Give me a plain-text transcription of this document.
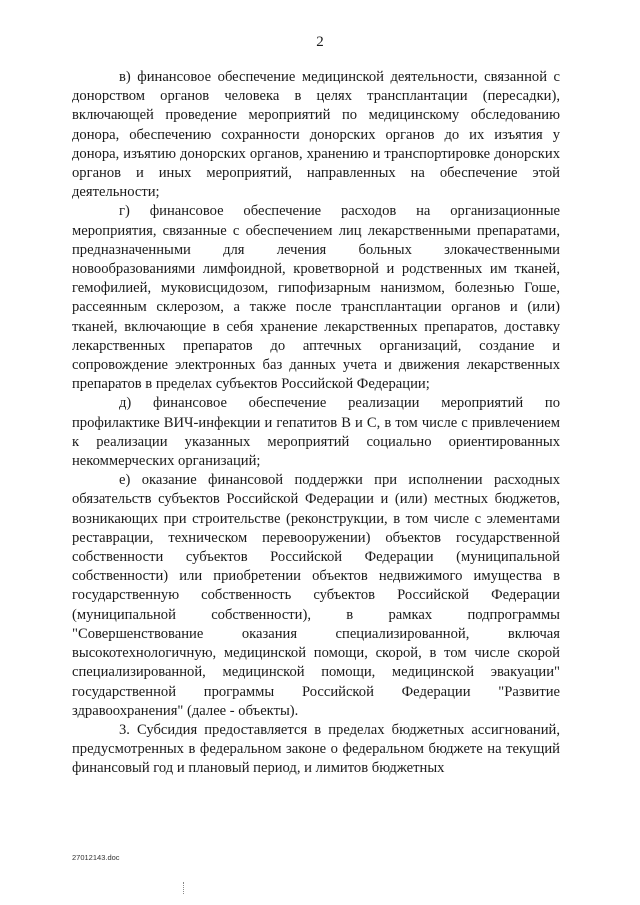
2

в) финансовое обеспечение медицинской деятельности, связанной с донорством органов человека в целях трансплантации (пересадки), включающей проведение мероприятий по медицинскому обследованию донора, обеспечению сохранности донорских органов до их изъятия у донора, изъятию донорских органов, хранению и транспортировке донорских органов и иных мероприятий, направленных на обеспечение этой деятельности;

г) финансовое обеспечение расходов на организационные мероприятия, связанные с обеспечением лиц лекарственными препаратами, предназначенными для лечения больных злокачественными новообразованиями лимфоидной, кроветворной и родственных им тканей, гемофилией, муковисцидозом, гипофизарным нанизмом, болезнью Гоше, рассеянным склерозом, а также после трансплантации органов и (или) тканей, включающие в себя хранение лекарственных препаратов, доставку лекарственных препаратов до аптечных организаций, создание и сопровождение электронных баз данных учета и движения лекарственных препаратов в пределах субъектов Российской Федерации;

д) финансовое обеспечение реализации мероприятий по профилактике ВИЧ-инфекции и гепатитов B и C, в том числе с привлечением к реализации указанных мероприятий социально ориентированных некоммерческих организаций;

е) оказание финансовой поддержки при исполнении расходных обязательств субъектов Российской Федерации и (или) местных бюджетов, возникающих при строительстве (реконструкции, в том числе с элементами реставрации, техническом перевооружении) объектов государственной собственности субъектов Российской Федерации (муниципальной собственности) или приобретении объектов недвижимого имущества в государственную собственность субъектов Российской Федерации (муниципальной собственности), в рамках подпрограммы "Совершенствование оказания специализированной, включая высокотехнологичную, медицинской помощи, скорой, в том числе скорой специализированной, медицинской помощи, медицинской эвакуации" государственной программы Российской Федерации "Развитие здравоохранения" (далее - объекты).

3. Субсидия предоставляется в пределах бюджетных ассигнований, предусмотренных в федеральном законе о федеральном бюджете на текущий финансовый год и плановый период, и лимитов бюджетных

27012143.doc
